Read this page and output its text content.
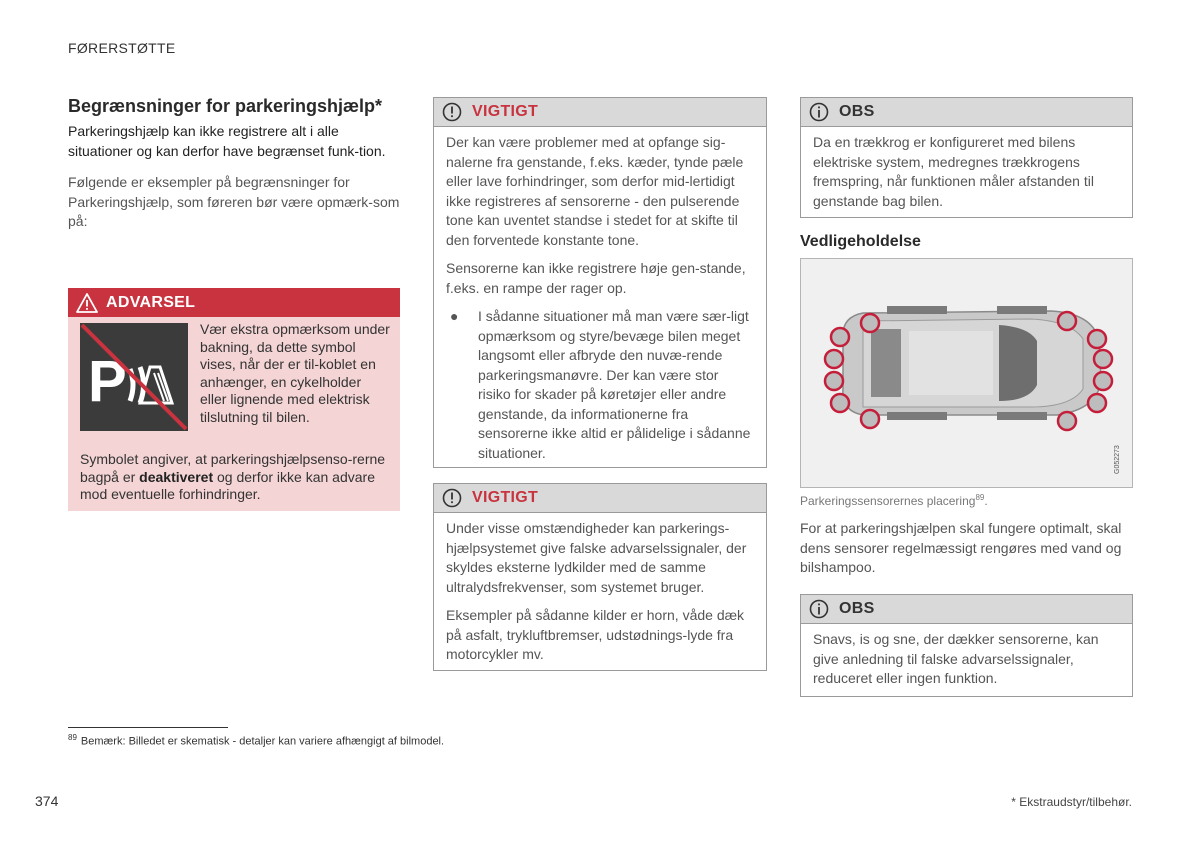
FØRERSTØTTE
Begrænsninger for parkeringshjælp*
Parkeringshjælp kan ikke registrere alt i alle situationer og kan derfor have begrænset funk-tion.
Følgende er eksempler på begrænsninger for Parkeringshjælp, som føreren bør være opmærk-som på:
ADVARSEL
P
Vær ekstra opmærksom under bakning, da dette symbol vises, når der er til-koblet en anhænger, en cykelholder eller lignende med elektrisk tilslutning til bilen.
Symbolet angiver, at parkeringshjælpsenso-rerne bagpå er deaktiveret og derfor ikke kan advare mod eventuelle forhindringer.
VIGTIGT

Der kan være problemer med at opfange sig-nalerne fra genstande, f.eks. kæder, tynde pæle eller lave forhindringer, som derfor mid-lertidigt ikke registreres af sensorerne - den pulserende tone kan uventet standse i stedet for at skifte til den forventede konstante tone.

Sensorerne kan ikke registrere høje gen-stande, f.eks. en rampe der rager op.

●	I sådanne situationer må man være sær-ligt opmærksom og styre/bevæge bilen meget langsomt eller afbryde den nuvæ-rende parkeringsmanøvre. Der kan være stor risiko for skader på køretøjer eller andre genstande, da informationerne fra sensorerne ikke altid er pålidelige i sådanne situationer.
VIGTIGT

Under visse omstændigheder kan parkerings-hjælpsystemet give falske advarselssignaler, der skyldes eksterne lydkilder med de samme ultralydsfrekvenser, som systemet bruger.

Eksempler på sådanne kilder er horn, våde dæk på asfalt, trykluftbremser, udstødnings-lyde fra motorcykler mv.

OBS

Da en trækkrog er konfigureret med bilens elektriske system, medregnes trækkrogens fremspring, når funktionen måler afstanden til genstande bag bilen.

Vedligeholdelse
G052273
Parkeringssensorernes placering$^{89}$.
For at parkeringshjælpen skal fungere optimalt, skal dens sensorer regelmæssigt rengøres med vand og bilshampoo.
OBS

Snavs, is og sne, der dækker sensorerne, kan give anledning til falske advarselssignaler, reduceret eller ingen funktion.

$^{89}$ Bemærk: Billedet er skematisk - detaljer kan variere afhængigt af bilmodel.
374	* Ekstraudstyr/tilbehør.
